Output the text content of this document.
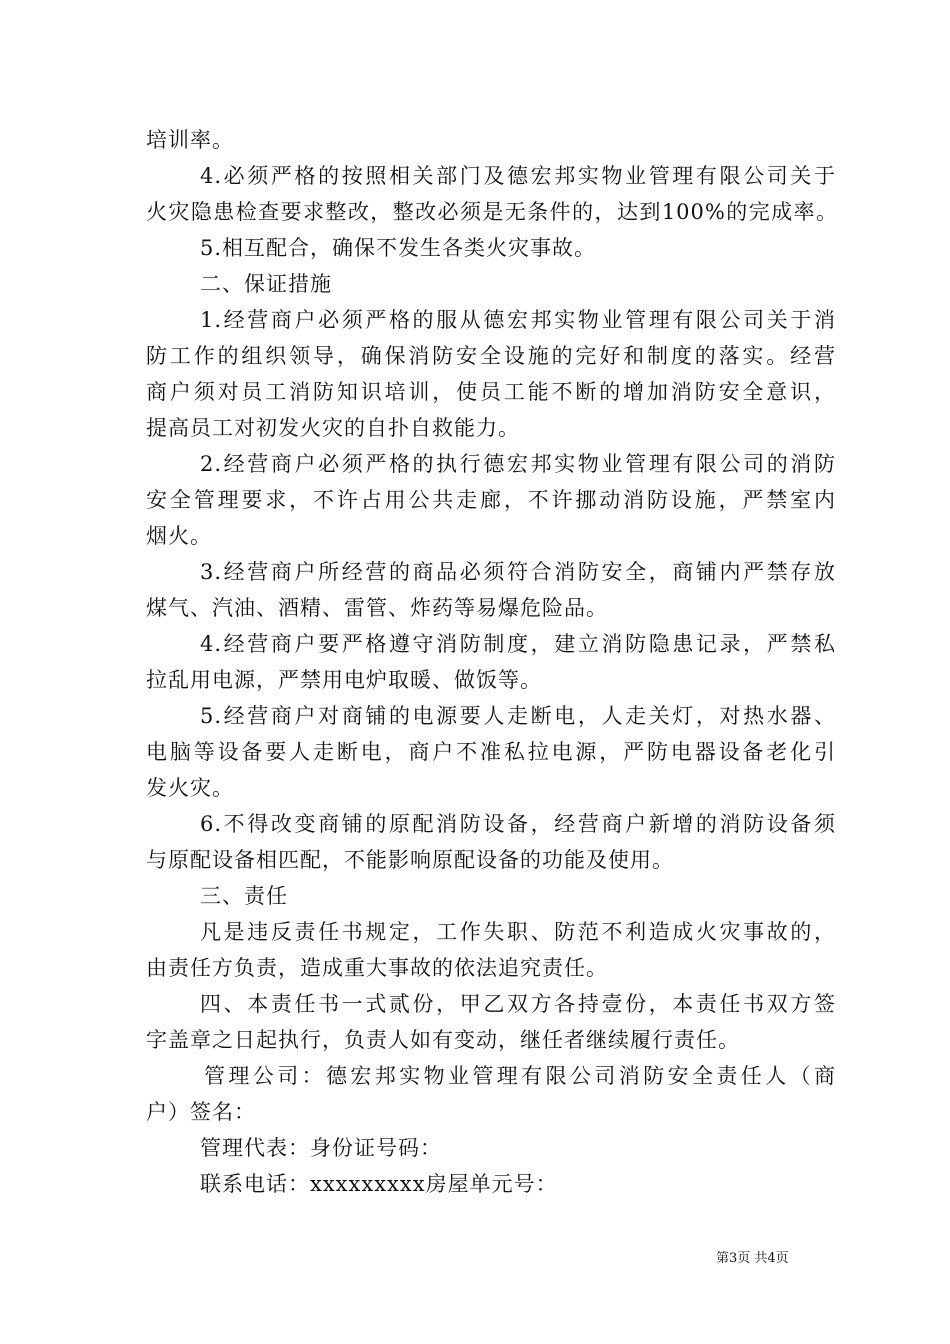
培训率。
4.必须严格的按照相关部门及德宏邦实物业管理有限公司关于
火灾隐患检查要求整改，整改必须是无条件的，达到100%的完成率。
5.相互配合，确保不发生各类火灾事故。
二、保证措施
1.经营商户必须严格的服从德宏邦实物业管理有限公司关于消
防工作的组织领导，确保消防安全设施的完好和制度的落实。经营
商户须对员工消防知识培训，使员工能不断的增加消防安全意识，
提高员工对初发火灾的自扑自救能力。
2.经营商户必须严格的执行德宏邦实物业管理有限公司的消防
安全管理要求，不许占用公共走廊，不许挪动消防设施，严禁室内
烟火。
3.经营商户所经营的商品必须符合消防安全，商铺内严禁存放
煤气、汽油、酒精、雷管、炸药等易爆危险品。
4.经营商户要严格遵守消防制度，建立消防隐患记录，严禁私
拉乱用电源，严禁用电炉取暖、做饭等。
5.经营商户对商铺的电源要人走断电，人走关灯，对热水器、
电脑等设备要人走断电，商户不准私拉电源，严防电器设备老化引
发火灾。
6.不得改变商铺的原配消防设备，经营商户新增的消防设备须
与原配设备相匹配，不能影响原配设备的功能及使用。
三、责任
凡是违反责任书规定，工作失职、防范不利造成火灾事故的，
由责任方负责，造成重大事故的依法追究责任。
四、本责任书一式贰份，甲乙双方各持壹份，本责任书双方签
字盖章之日起执行，负责人如有变动，继任者继续履行责任。
管理公司：德宏邦实物业管理有限公司消防安全责任人（商
户）签名：
管理代表：身份证号码：
联系电话：xxxxxxxxx房屋单元号：
第3页 共4页
